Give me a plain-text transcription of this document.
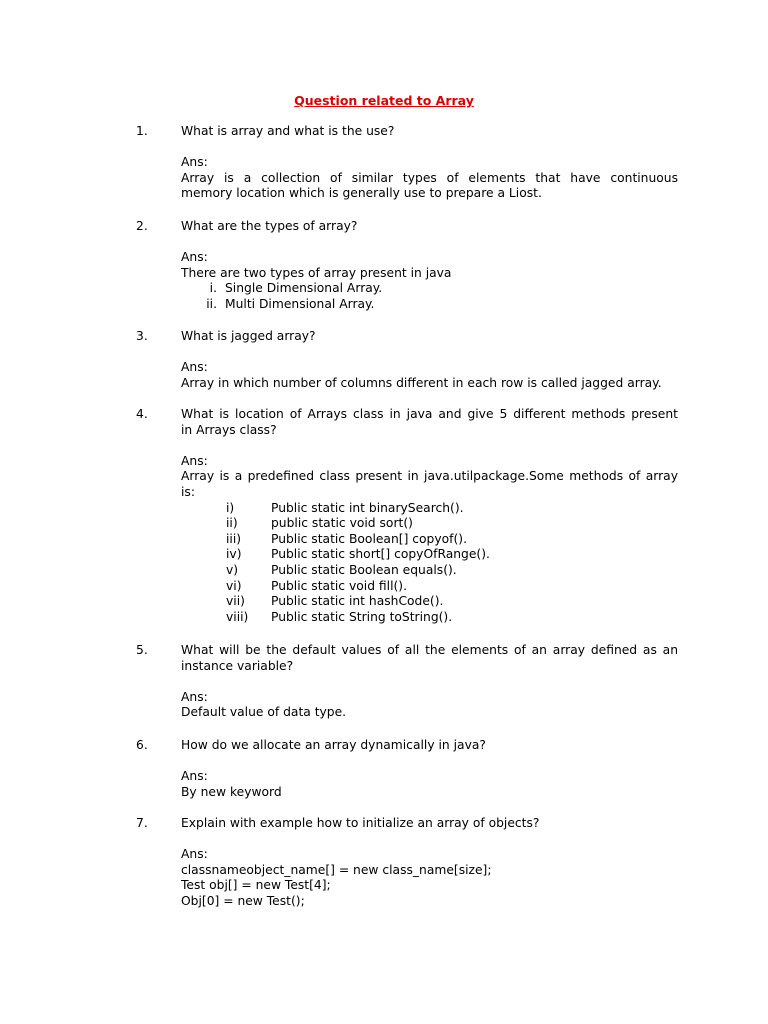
Question related to Array
1.	What is array and what is the use?
Ans:
Array is a collection of similar types of elements that have continuous
memory location which is generally use to prepare a Liost.
2.	What are the types of array?
Ans:
There are two types of array present in java
i. Single Dimensional Array.
ii. Multi Dimensional Array.
3.	What is jagged array?
Ans:
Array in which number of columns different in each row is called jagged array.
4.	What is location of Arrays class in java and give 5 different methods present
in Arrays class?
Ans:
Array is a predefined class present in java.utilpackage.Some methods of array
is:
i)	Public static int binarySearch().
ii)	public static void sort()
iii)	Public static Boolean[] copyof().
iv)	Public static short[] copyOfRange().
v)	Public static Boolean equals().
vi)	Public static void fill().
vii)	Public static int hashCode().
viii)	Public static String toString().
5.	What will be the default values of all the elements of an array defined as an
instance variable?
Ans:
Default value of data type.
6.	How do we allocate an array dynamically in java?
Ans:
By new keyword
7.	Explain with example how to initialize an array of objects?
Ans:
classnameobject_name[] = new class_name[size];
Test obj[] = new Test[4];
Obj[0] = new Test();
